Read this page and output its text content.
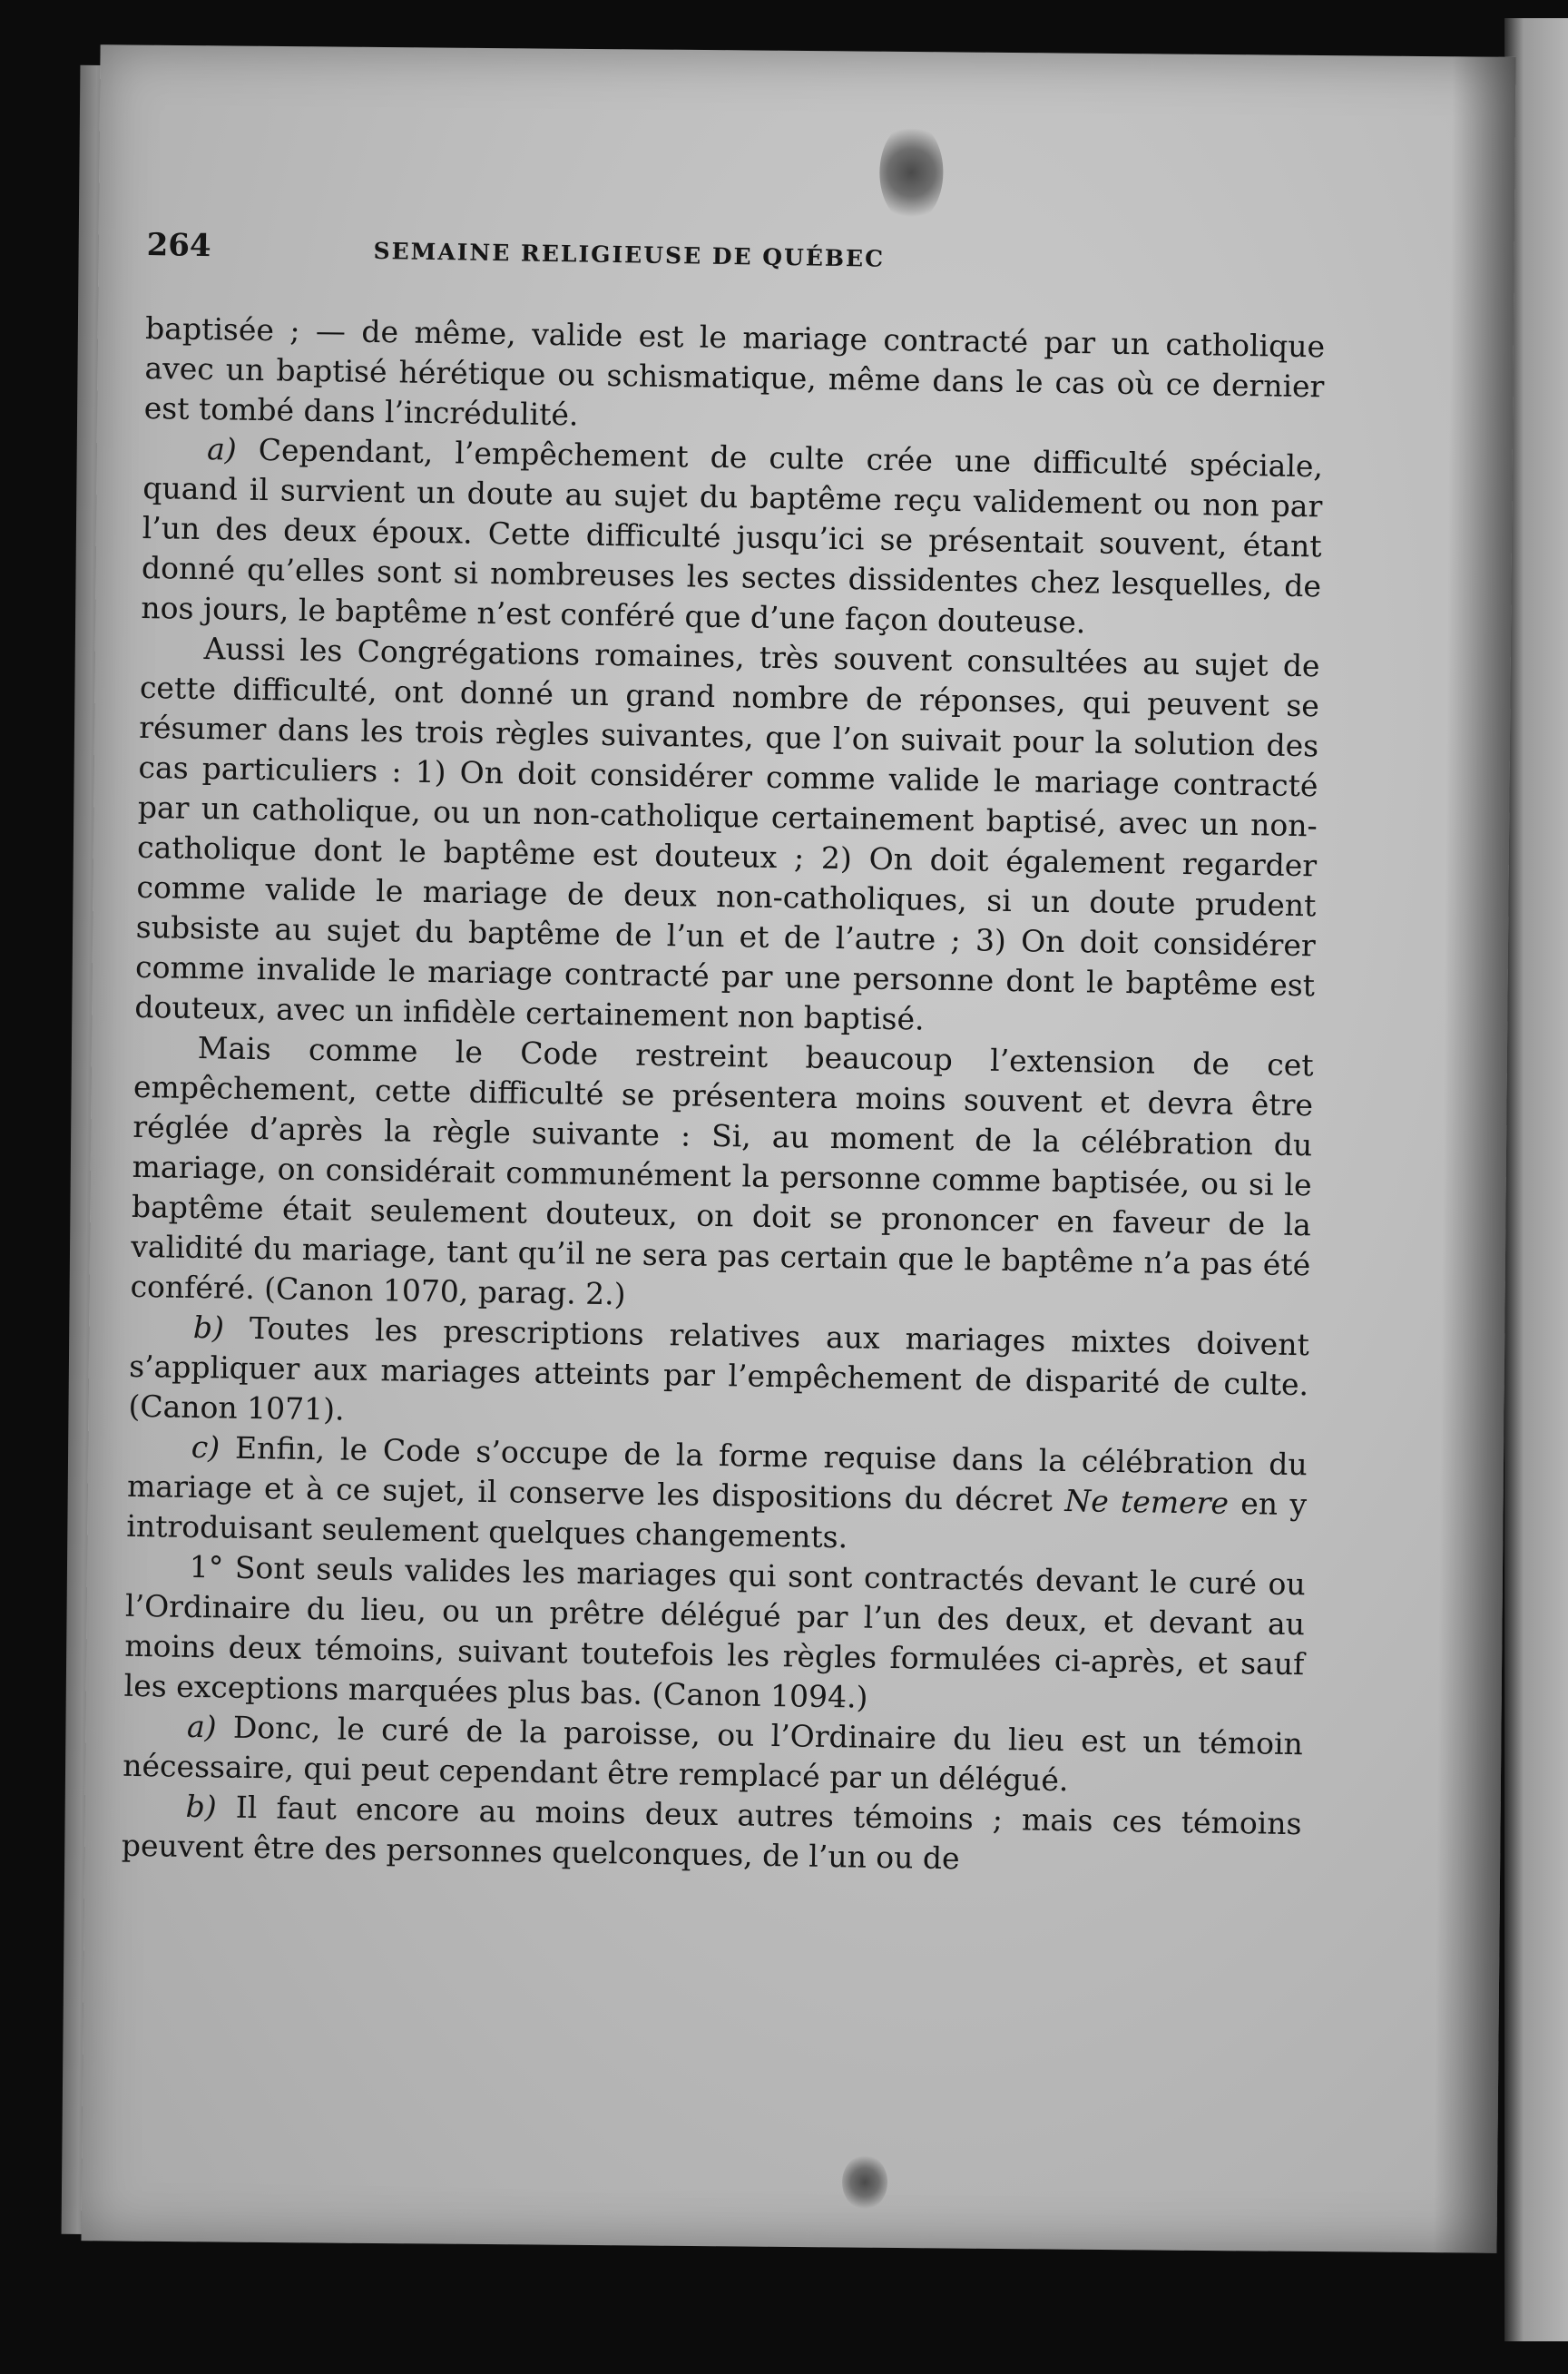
264	SEMAINE RELIGIEUSE DE QUÉBEC

baptisée ; — de même, valide est le mariage contracté par un catholique avec un baptisé hérétique ou schismatique, même dans le cas où ce dernier est tombé dans l’incrédulité.

a) Cependant, l’empêchement de culte crée une difficulté spéciale, quand il survient un doute au sujet du baptême reçu validement ou non par l’un des deux époux. Cette difficulté jusqu’ici se présentait souvent, étant donné qu’elles sont si nombreuses les sectes dissidentes chez lesquelles, de nos jours, le baptême n’est conféré que d’une façon douteuse.

Aussi les Congrégations romaines, très souvent consultées au sujet de cette difficulté, ont donné un grand nombre de réponses, qui peuvent se résumer dans les trois règles suivantes, que l’on suivait pour la solution des cas particuliers : 1) On doit considérer comme valide le mariage contracté par un catholique, ou un non-catholique certainement baptisé, avec un non-catholique dont le baptême est douteux ; 2) On doit également regarder comme valide le mariage de deux non-catholiques, si un doute prudent subsiste au sujet du baptême de l’un et de l’autre ; 3) On doit considérer comme invalide le mariage contracté par une personne dont le baptême est douteux, avec un infidèle certainement non baptisé.

Mais comme le Code restreint beaucoup l’extension de cet empêchement, cette difficulté se présentera moins souvent et devra être réglée d’après la règle suivante : Si, au moment de la célébration du mariage, on considérait communément la personne comme baptisée, ou si le baptême était seulement douteux, on doit se prononcer en faveur de la validité du mariage, tant qu’il ne sera pas certain que le baptême n’a pas été conféré. (Canon 1070, parag. 2.)

b) Toutes les prescriptions relatives aux mariages mixtes doivent s’appliquer aux mariages atteints par l’empêchement de disparité de culte. (Canon 1071).

c) Enfin, le Code s’occupe de la forme requise dans la célébration du mariage et à ce sujet, il conserve les dispositions du décret Ne temere en y introduisant seulement quelques changements.

1° Sont seuls valides les mariages qui sont contractés devant le curé ou l’Ordinaire du lieu, ou un prêtre délégué par l’un des deux, et devant au moins deux témoins, suivant toutefois les règles formulées ci-après, et sauf les exceptions marquées plus bas. (Canon 1094.)

a) Donc, le curé de la paroisse, ou l’Ordinaire du lieu est un témoin nécessaire, qui peut cependant être remplacé par un délégué.

b) Il faut encore au moins deux autres témoins ; mais ces témoins peuvent être des personnes quelconques, de l’un ou de
